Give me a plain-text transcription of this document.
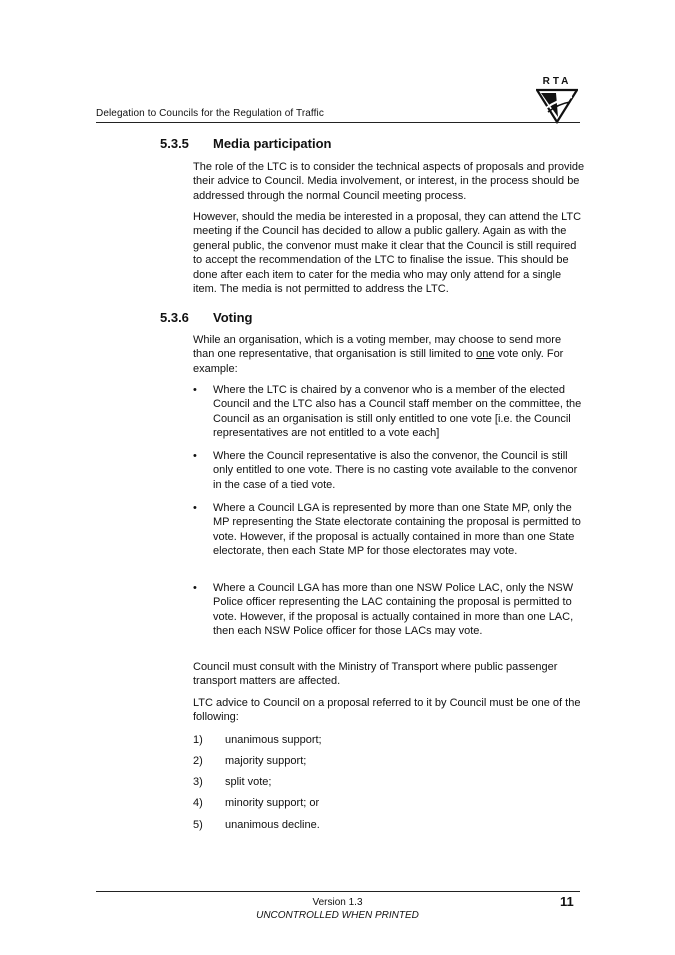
Delegation to Councils for the Regulation of Traffic
RTA
5.3.5 Media participation
The role of the LTC is to consider the technical aspects of proposals and provide their advice to Council. Media involvement, or interest, in the process should be addressed through the normal Council meeting process.
However, should the media be interested in a proposal, they can attend the LTC meeting if the Council has decided to allow a public gallery. Again as with the general public, the convenor must make it clear that the Council is still required to accept the recommendation of the LTC to finalise the issue. This should be done after each item to cater for the media who may only attend for a single item. The media is not permitted to address the LTC.
5.3.6 Voting
While an organisation, which is a voting member, may choose to send more than one representative, that organisation is still limited to one vote only. For example:
•	Where the LTC is chaired by a convenor who is a member of the elected Council and the LTC also has a Council staff member on the committee, the Council as an organisation is still only entitled to one vote [i.e. the Council representatives are not entitled to a vote each]
•	Where the Council representative is also the convenor, the Council is still only entitled to one vote. There is no casting vote available to the convenor in the case of a tied vote.
•	Where a Council LGA is represented by more than one State MP, only the MP representing the State electorate containing the proposal is permitted to vote. However, if the proposal is actually contained in more than one State electorate, then each State MP for those electorates may vote.
•	Where a Council LGA has more than one NSW Police LAC, only the NSW Police officer representing the LAC containing the proposal is permitted to vote. However, if the proposal is actually contained in more than one LAC, then each NSW Police officer for those LACs may vote.
Council must consult with the Ministry of Transport where public passenger transport matters are affected.
LTC advice to Council on a proposal referred to it by Council must be one of the following:
1) unanimous support;
2) majority support;
3) split vote;
4) minority support; or
5) unanimous decline.
Version 1.3	11
UNCONTROLLED WHEN PRINTED
